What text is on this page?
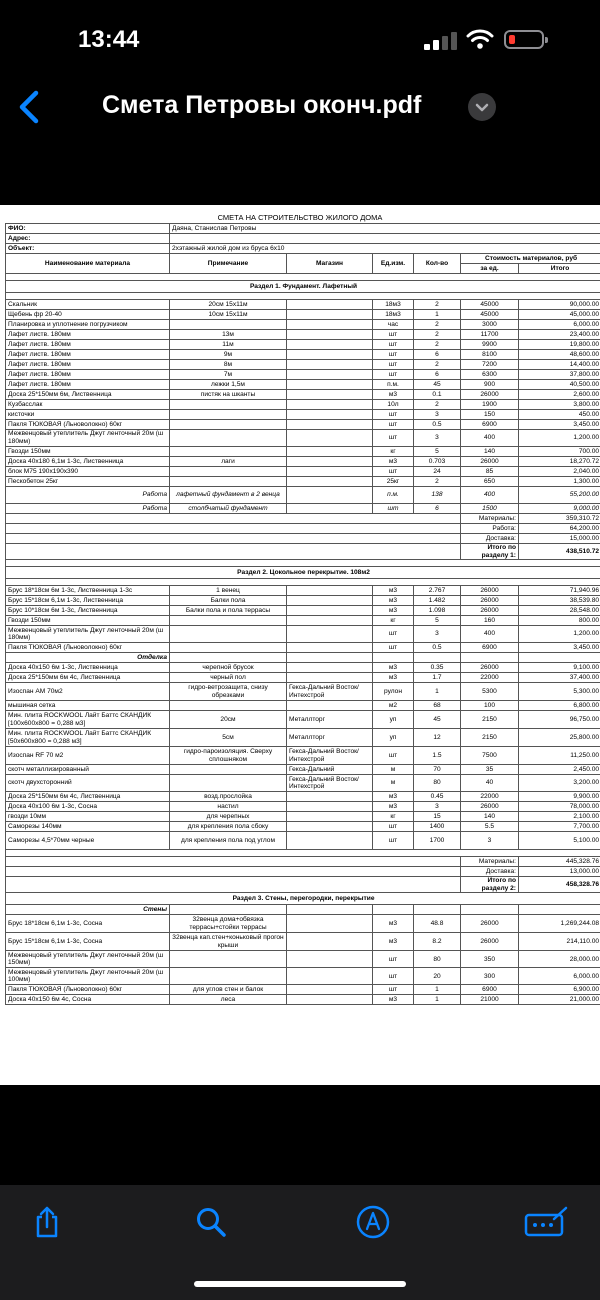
13:44
Смета Петровы оконч.pdf
СМЕТА НА СТРОИТЕЛЬСТВО ЖИЛОГО ДОМА
ФИО:	Даяна, Станислав Петровы					
Адрес:						
Объект:	2хэтажный жилой дом из бруса 6х10					
Наименование материала	Примечание	Магазин	Ед.изм.	Кол-во	Стоимость материалов, руб	
					за ед.	Итого

Раздел 1. Фундамент. Лафетный						

Скальник	20см 15х11м		18м3	2	45000	90,000.00
Щебень фр 20-40	10см 15х11м		18м3	1	45000	45,000.00
Планировка и уплотнение погрузчиком			час	2	3000	6,000.00
Лафет листв. 180мм	13м		шт	2	11700	23,400.00
Лафет листв. 180мм	11м		шт	2	9900	19,800.00
Лафет листв. 180мм	9м		шт	6	8100	48,600.00
Лафет листв. 180мм	8м		шт	2	7200	14,400.00
Лафет листв. 180мм	7м		шт	6	6300	37,800.00
Лафет листв. 180мм	лежки 1,5м		п.м.	45	900	40,500.00
Доска 25*150мм 6м, Лиственница	пистяк на шканты		м3	0.1	26000	2,600.00
Кузбасслак			10л	2	1900	3,800.00
кисточки			шт	3	150	450.00
Пакля ТЮКОВАЯ (Льноволокно) 60кг			шт	0.5	6900	3,450.00
Межвенцовый утеплитель Джут ленточный 20м (ш 180мм)			шт	3	400	1,200.00
Гвозди 150мм			кг	5	140	700.00
Доска 40х180 6,1м 1-3с, Лиственница	лаги		м3	0.703	26000	18,270.72
блок М75 190х190х390			шт	24	85	2,040.00
Пескобетон 25кг			25кг	2	650	1,300.00
Работа	лафетный фундамент в 2 венца		п.м.	138	400	55,200.00
Работа	столбчатый фундамент		шт	6	1500	9,000.00
					Материалы:	359,310.72
					Работа:	64,200.00
					Доставка:	15,000.00
					Итого по разделу 1:	438,510.72

Раздел 2. Цокольное перекрытие. 108м2						

Брус 18*18см 6м 1-3с, Лиственница 1-3с	1 венец		м3	2.767	26000	71,940.96
Брус 15*18см 6,1м 1-3с, Лиственница	Балки пола		м3	1.482	26000	38,539.80
Брус 10*18см 6м 1-3с, Лиственница	Балки пола и пола террасы		м3	1.098	26000	28,548.00
Гвозди 150мм			кг	5	160	800.00
Межвенцовый утеплитель Джут ленточный 20м (ш 180мм)			шт	3	400	1,200.00
Пакля ТЮКОВАЯ (Льноволокно) 60кг			шт	0.5	6900	3,450.00
Отделка						
Доска 40х150 6м 1-3с, Лиственница	черепной брусок		м3	0.35	26000	9,100.00
Доска 25*150мм 6м 4с, Лиственница	черный пол		м3	1.7	22000	37,400.00
Изоспан АМ 70м2	гидро-ветрозащита, снизу обрезками	Гекса-Дальний Восток/Интехстрой	рулон	1	5300	5,300.00
мышиная сетка			м2	68	100	6,800.00
Мин. плита ROCKWOOL Лайт Баттс СКАНДИК [100х600х800 = 0,288 м3]	20см	Металлторг	уп	45	2150	96,750.00
Мин. плита ROCKWOOL Лайт Баттс СКАНДИК [50х600х800 = 0,288 м3]	5см	Металлторг	уп	12	2150	25,800.00
Изоспан RF 70 м2	гидро-пароизоляция. Сверху сплошняком	Гекса-Дальний Восток/Интехстрой	шт	1.5	7500	11,250.00
скотч металлизированный		Гекса-Дальний	м	70	35	2,450.00
скотч двухсторонний		Гекса-Дальний Восток/Интехстрой	м	80	40	3,200.00
Доска 25*150мм 6м 4с, Лиственница	возд.прослойка		м3	0.45	22000	9,900.00
Доска 40х100 6м 1-3с, Сосна	настил		м3	3	26000	78,000.00
гвозди 10мм	для черепных		кг	15	140	2,100.00
Саморезы 140мм	для крепления пола сбоку		шт	1400	5.5	7,700.00
Саморезы 4,5*70мм черные	для крепления пола под углом		шт	1700	3	5,100.00

					Материалы:	445,328.76
					Доставка:	13,000.00
					Итого по разделу 2:	458,328.76
Раздел 3. Стены, перегородки, перекрытие						
Стены						
Брус 18*18см 6,1м 1-3с, Сосна	32венца дома+обвязка террасы+стойки террасы		м3	48.8	26000	1,269,244.08
Брус 15*18см 6,1м 1-3с, Сосна	32венца кап.стен+коньковый прогон крыши		м3	8.2	26000	214,110.00
Межвенцовый утеплитель Джут ленточный 20м (ш 150мм)			шт	80	350	28,000.00
Межвенцовый утеплитель Джут ленточный 20м (ш 100мм)			шт	20	300	6,000.00
Пакля ТЮКОВАЯ (Льноволокно) 60кг	для углов стен и балок		шт	1	6900	6,900.00
Доска 40х150 6м 4с, Сосна	леса		м3	1	21000	21,000.00
